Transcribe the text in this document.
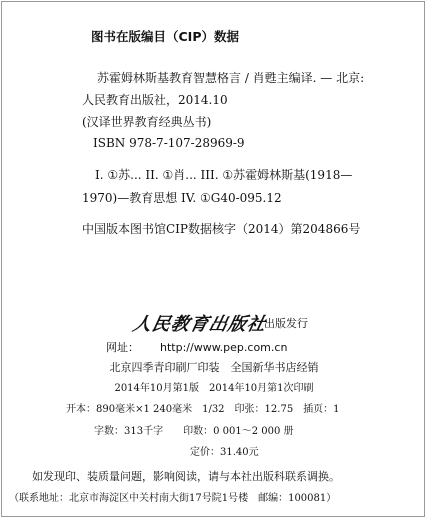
图书在版编目（CIP）数据
苏霍姆林斯基教育智慧格言 / 肖甦主编译. — 北京:
人民教育出版社，2014.10
(汉译世界教育经典丛书)
ISBN 978-7-107-28969-9
I. ①苏... II. ①肖... III. ①苏霍姆林斯基(1918—
1970)—教育思想 IV. ①G40-095.12
中国版本图书馆CIP数据核字（2014）第204866号
人民教育出版社
出版发行
网址： http://www.pep.com.cn
北京四季青印刷厂印装　全国新华书店经销
2014年10月第1版　2014年10月第1次印刷
开本：890毫米×1 240毫米　1/32　印张：12.75　插页：1
字数：313千字　　印数：0 001～2 000 册
定价：31.40元
如发现印、装质量问题，影响阅读，请与本社出版科联系调换。
（联系地址：北京市海淀区中关村南大街17号院1号楼　邮编：100081）
